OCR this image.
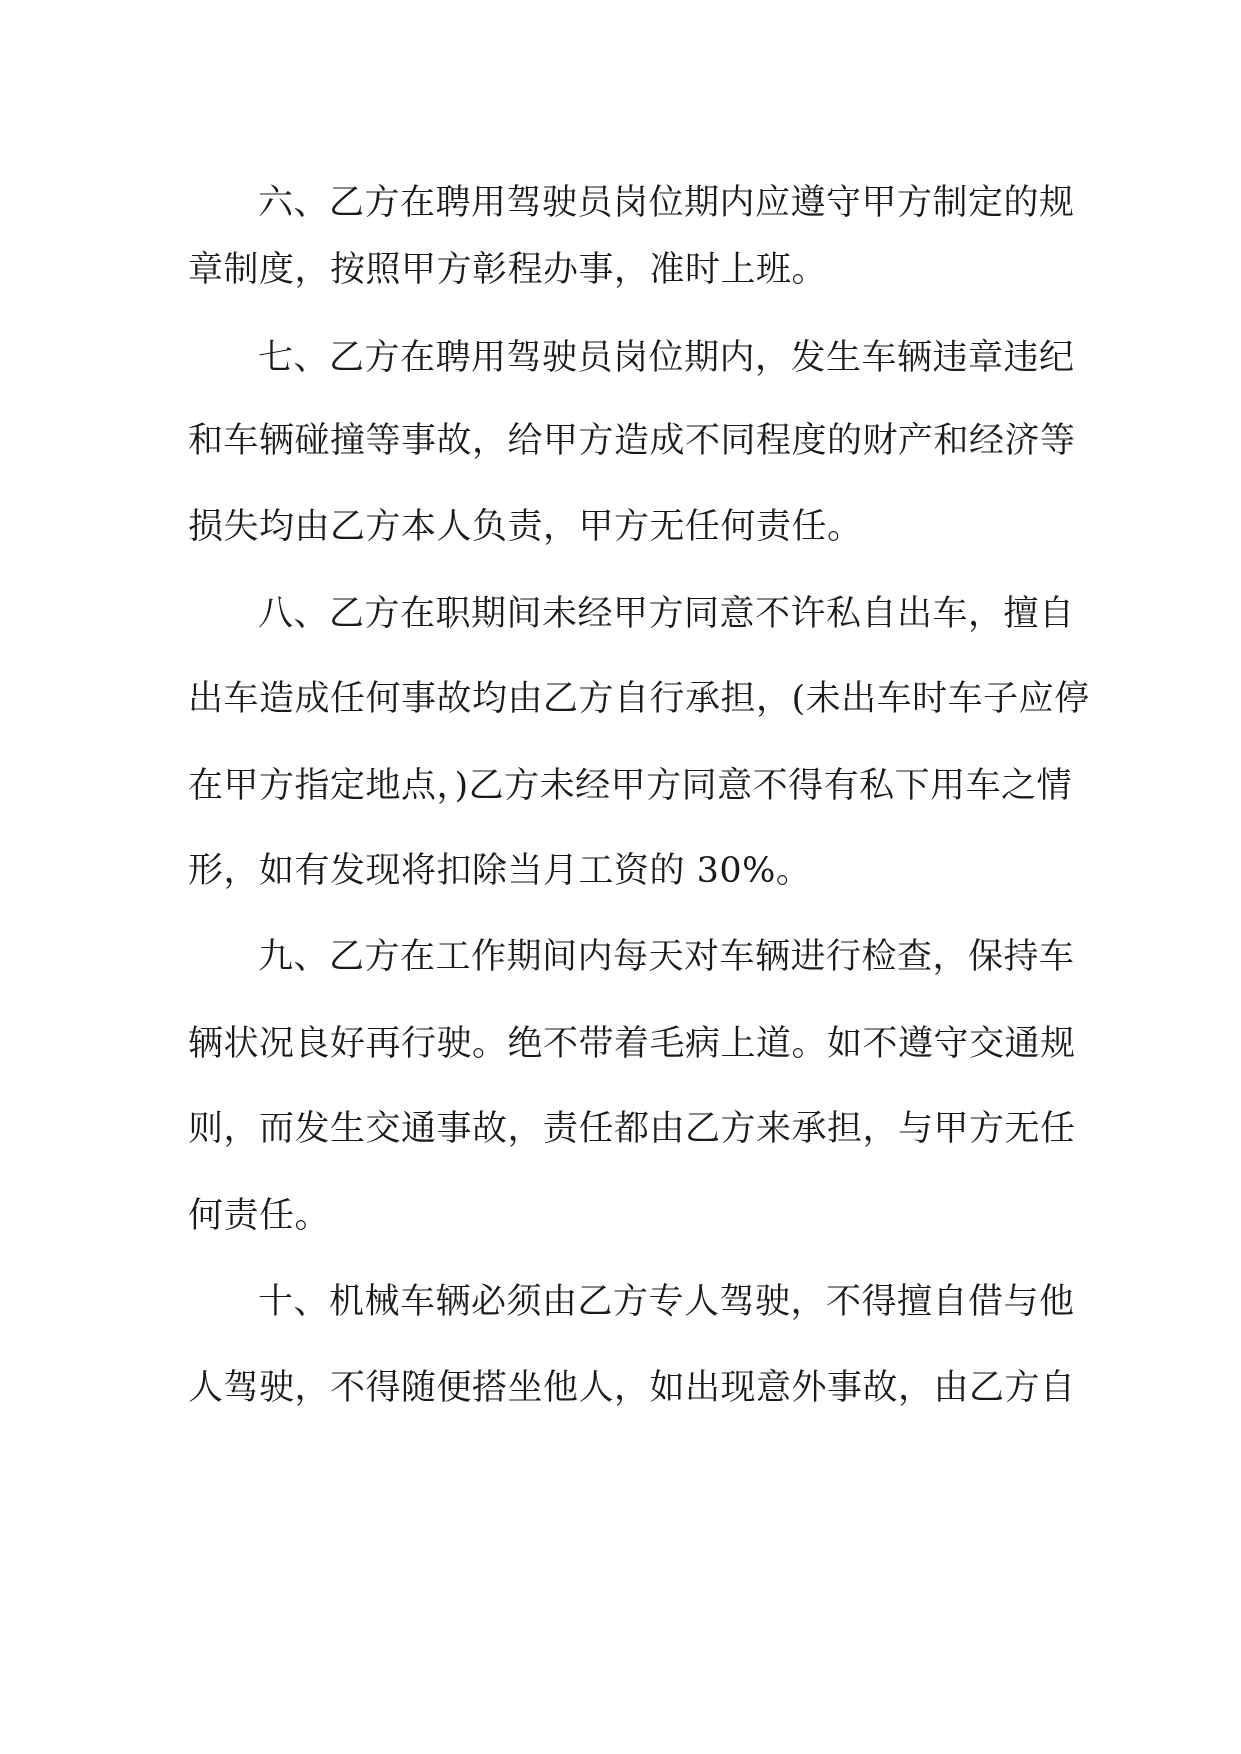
六、乙方在聘用驾驶员岗位期内应遵守甲方制定的规
章制度，按照甲方彰程办事，准时上班。
七、乙方在聘用驾驶员岗位期内，发生车辆违章违纪
和车辆碰撞等事故，给甲方造成不同程度的财产和经济等
损失均由乙方本人负责，甲方无任何责任。
八、乙方在职期间未经甲方同意不许私自出车，擅自
出车造成任何事故均由乙方自行承担，(未出车时车子应停
在甲方指定地点，)乙方未经甲方同意不得有私下用车之情
形，如有发现将扣除当月工资的 30%。
九、乙方在工作期间内每天对车辆进行检查，保持车
辆状况良好再行驶。绝不带着毛病上道。如不遵守交通规
则，而发生交通事故，责任都由乙方来承担，与甲方无任
何责任。
十、机械车辆必须由乙方专人驾驶，不得擅自借与他
人驾驶，不得随便搭坐他人，如出现意外事故，由乙方自
